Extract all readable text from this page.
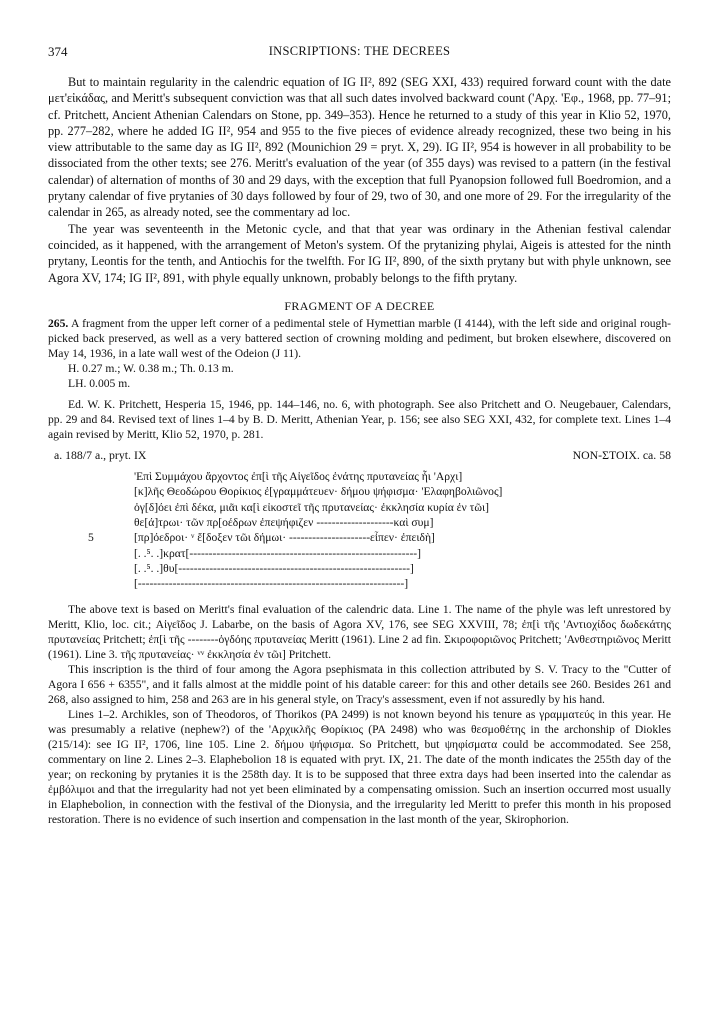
374	INSCRIPTIONS: THE DECREES

But to maintain regularity in the calendric equation of IG II², 892 (SEG XXI, 433) required forward count with the date μετ'εἰκάδας, and Meritt's subsequent conviction was that all such dates involved backward count ('Αρχ. 'Εφ., 1968, pp. 77–91; cf. Pritchett, Ancient Athenian Calendars on Stone, pp. 349–353). Hence he returned to a study of this year in Klio 52, 1970, pp. 277–282, where he added IG II², 954 and 955 to the five pieces of evidence already recognized, these two being in his view attributable to the same day as IG II², 892 (Mounichion 29 = pryt. X, 29). IG II², 954 is however in all probability to be dissociated from the other texts; see 276. Meritt's evaluation of the year (of 355 days) was revised to a pattern (in the festival calendar) of alternation of months of 30 and 29 days, with the exception that full Pyanopsion followed full Boedromion, and a prytany calendar of five prytanies of 30 days followed by four of 29, two of 30, and one more of 29. For the irregularity of the calendar in 265, as already noted, see the commentary ad loc.

The year was seventeenth in the Metonic cycle, and that that year was ordinary in the Athenian festival calendar coincided, as it happened, with the arrangement of Meton's system. Of the prytanizing phylai, Aigeis is attested for the ninth prytany, Leontis for the tenth, and Antiochis for the twelfth. For IG II², 890, of the sixth prytany but with phyle unknown, see Agora XV, 174; IG II², 891, with phyle equally unknown, probably belongs to the fifth prytany.

FRAGMENT OF A DECREE

265. A fragment from the upper left corner of a pedimental stele of Hymettian marble (I 4144), with the left side and original rough-picked back preserved, as well as a very battered section of crowning molding and pediment, but broken elsewhere, discovered on May 14, 1936, in a late wall west of the Odeion (J 11).

H. 0.27 m.; W. 0.38 m.; Th. 0.13 m.

LH. 0.005 m.

Ed. W. K. Pritchett, Hesperia 15, 1946, pp. 144–146, no. 6, with photograph. See also Pritchett and O. Neugebauer, Calendars, pp. 29 and 84. Revised text of lines 1–4 by B. D. Meritt, Athenian Year, p. 156; see also SEG XXI, 432, for complete text. Lines 1–4 again revised by Meritt, Klio 52, 1970, p. 281.

a. 188/7 a., pryt. IX	NON-ΣΤΟΙΧ. ca. 58
'Επὶ Συμμάχου ἄρχοντος ἐπ[ὶ τῆς Αἰγεῖδος ἐνάτης πρυτανείας ἧι 'Αρχι]
[κ]λῆς Θεοδώρου Θορίκιος ἐ[γραμμάτευεν· δήμου ψήφισμα· 'Ελαφηβολιῶνος]
ὀγ[δ]όει ἐπὶ δέκα, μιᾶι κα[ὶ εἰκοστεῖ τῆς πρυτανείας· ἐκκλησία κυρία ἐν τῶι]
θε[ά]τρωι· τῶν πρ[οέδρων ἐπεψήφιζεν --------------------καὶ συμ]
5	[πρ]όεδροι· ᵛ ἔ[δοξεν τῶι δήμωι· ---------------------εἶπεν· ἐπειδὴ]
[. .⁵. .]κρατ[-----------------------------------------------------------]
[. .⁵. .]θυ[------------------------------------------------------------]
[---------------------------------------------------------------------]

The above text is based on Meritt's final evaluation of the calendric data. Line 1. The name of the phyle was left unrestored by Meritt, Klio, loc. cit.; Αἰγεῖδος J. Labarbe, on the basis of Agora XV, 176, see SEG XXVIII, 78; ἐπ[ὶ τῆς 'Αντιοχίδος δωδεκάτης πρυτανείας Pritchett; ἐπ[ὶ τῆς --------ὀγδόης πρυτανείας Meritt (1961). Line 2 ad fin. Σκιροφοριῶνος Pritchett; 'Ανθεστηριῶνος Meritt (1961). Line 3. τῆς πρυτανείας· ᵛᵛ ἐκκλησία ἐν τῶι] Pritchett.

This inscription is the third of four among the Agora psephismata in this collection attributed by S. V. Tracy to the "Cutter of Agora I 656 + 6355", and it falls almost at the middle point of his datable career: for this and other details see 260. Besides 261 and 268, also assigned to him, 258 and 263 are in his general style, on Tracy's assessment, even if not assuredly by his hand.

Lines 1–2. Archikles, son of Theodoros, of Thorikos (PA 2499) is not known beyond his tenure as γραμματεύς in this year. He was presumably a relative (nephew?) of the 'Αρχικλῆς Θορίκιος (PA 2498) who was θεσμοθέτης in the archonship of Diokles (215/14): see IG II², 1706, line 105. Line 2. δήμου ψήφισμα. So Pritchett, but ψηφίσματα could be accommodated. See 258, commentary on line 2. Lines 2–3. Elaphebolion 18 is equated with pryt. IX, 21. The date of the month indicates the 255th day of the year; on reckoning by prytanies it is the 258th day. It is to be supposed that three extra days had been inserted into the calendar as ἐμβόλιμοι and that the irregularity had not yet been eliminated by a compensating omission. Such an insertion occurred most usually in Elaphebolion, in connection with the festival of the Dionysia, and the irregularity led Meritt to prefer this month in his proposed restoration. There is no evidence of such insertion and compensation in the last month of the year, Skirophorion.
